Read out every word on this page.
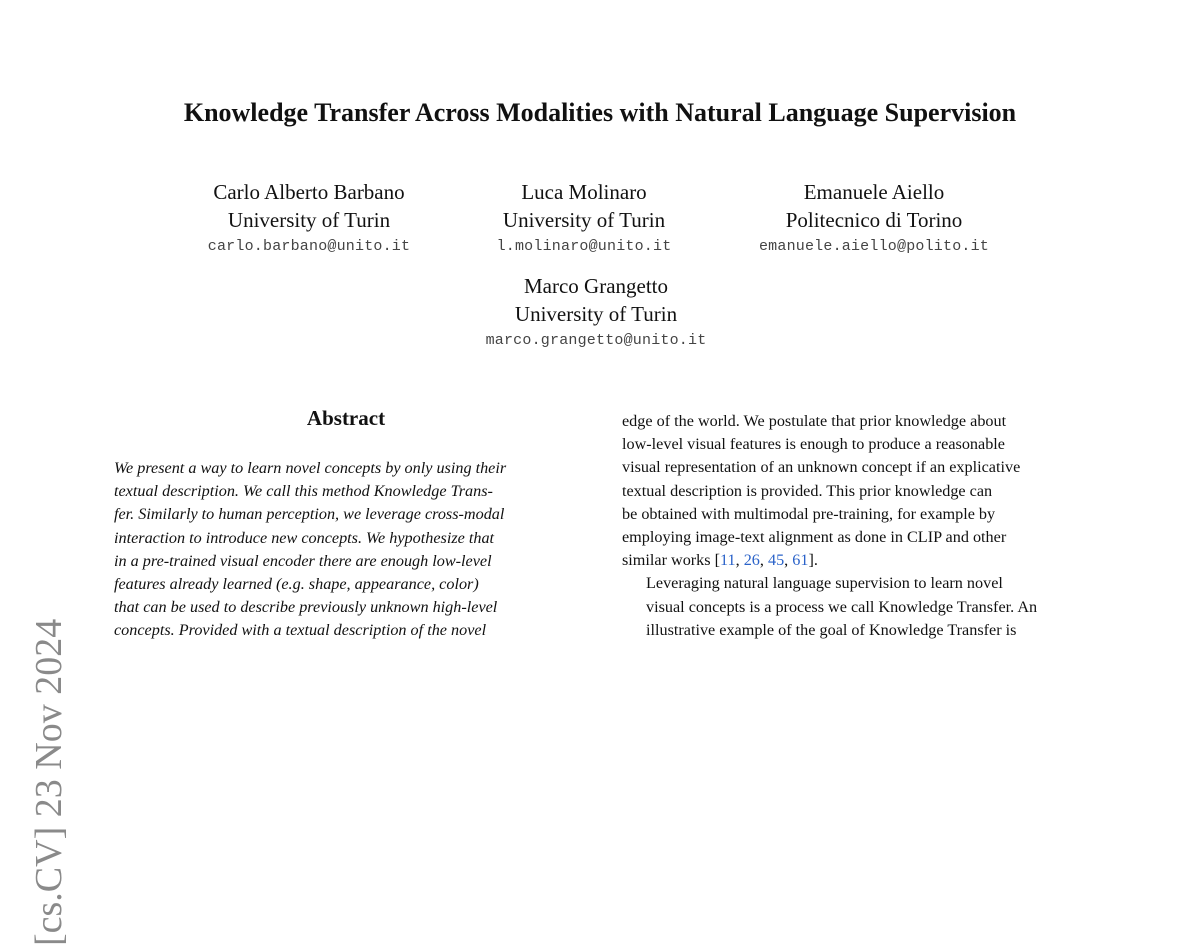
[cs.CV] 23 Nov 2024
Knowledge Transfer Across Modalities with Natural Language Supervision
Carlo Alberto Barbano
University of Turin
carlo.barbano@unito.it
Luca Molinaro
University of Turin
l.molinaro@unito.it
Emanuele Aiello
Politecnico di Torino
emanuele.aiello@polito.it
Marco Grangetto
University of Turin
marco.grangetto@unito.it
Abstract
We present a way to learn novel concepts by only using their
textual description. We call this method Knowledge Trans-
fer. Similarly to human perception, we leverage cross-modal
interaction to introduce new concepts. We hypothesize that
in a pre-trained visual encoder there are enough low-level
features already learned (e.g. shape, appearance, color)
that can be used to describe previously unknown high-level
concepts. Provided with a textual description of the novel

edge of the world. We postulate that prior knowledge about
low-level visual features is enough to produce a reasonable
visual representation of an unknown concept if an explicative
textual description is provided. This prior knowledge can
be obtained with multimodal pre-training, for example by
employing image-text alignment as done in CLIP and other
similar works [11, 26, 45, 61].

Leveraging natural language supervision to learn novel
visual concepts is a process we call Knowledge Transfer. An
illustrative example of the goal of Knowledge Transfer is
